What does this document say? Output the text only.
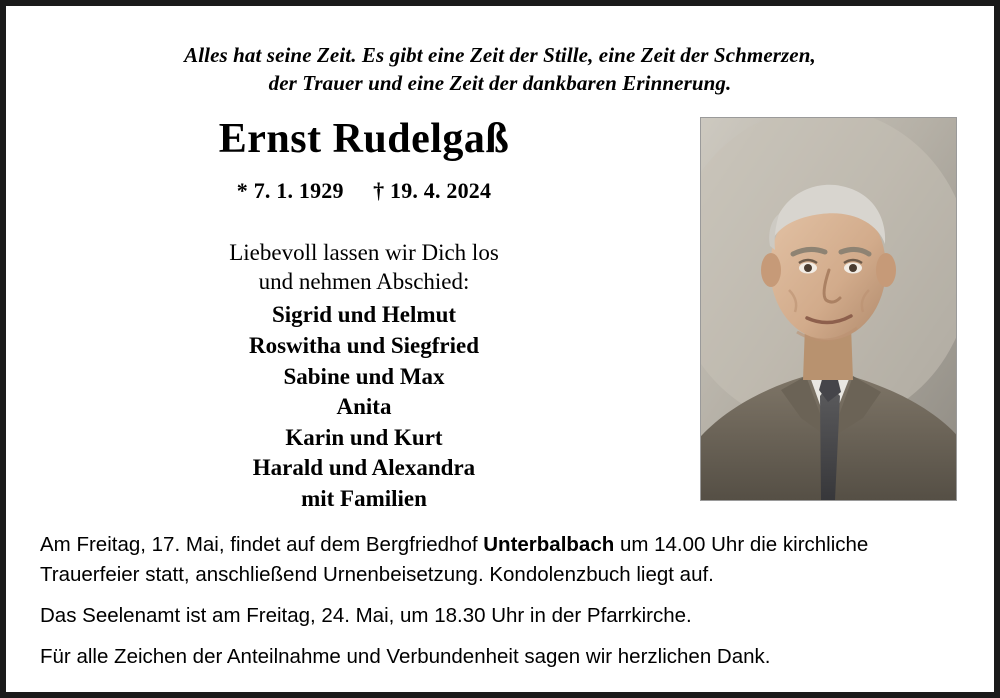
Alles hat seine Zeit. Es gibt eine Zeit der Stille, eine Zeit der Schmerzen,
der Trauer und eine Zeit der dankbaren Erinnerung.
Ernst Rudelgaß
* 7. 1. 1929 † 19. 4. 2024
Liebevoll lassen wir Dich los
und nehmen Abschied:
Sigrid und Helmut
Roswitha und Siegfried
Sabine und Max
Anita
Karin und Kurt
Harald und Alexandra
mit Familien

Am Freitag, 17. Mai, findet auf dem Bergfriedhof Unterbalbach um 14.00 Uhr die kirchliche Trauerfeier statt, anschließend Urnenbeisetzung. Kondolenzbuch liegt auf.

Das Seelenamt ist am Freitag, 24. Mai, um 18.30 Uhr in der Pfarrkirche.

Für alle Zeichen der Anteilnahme und Verbundenheit sagen wir herzlichen Dank.
